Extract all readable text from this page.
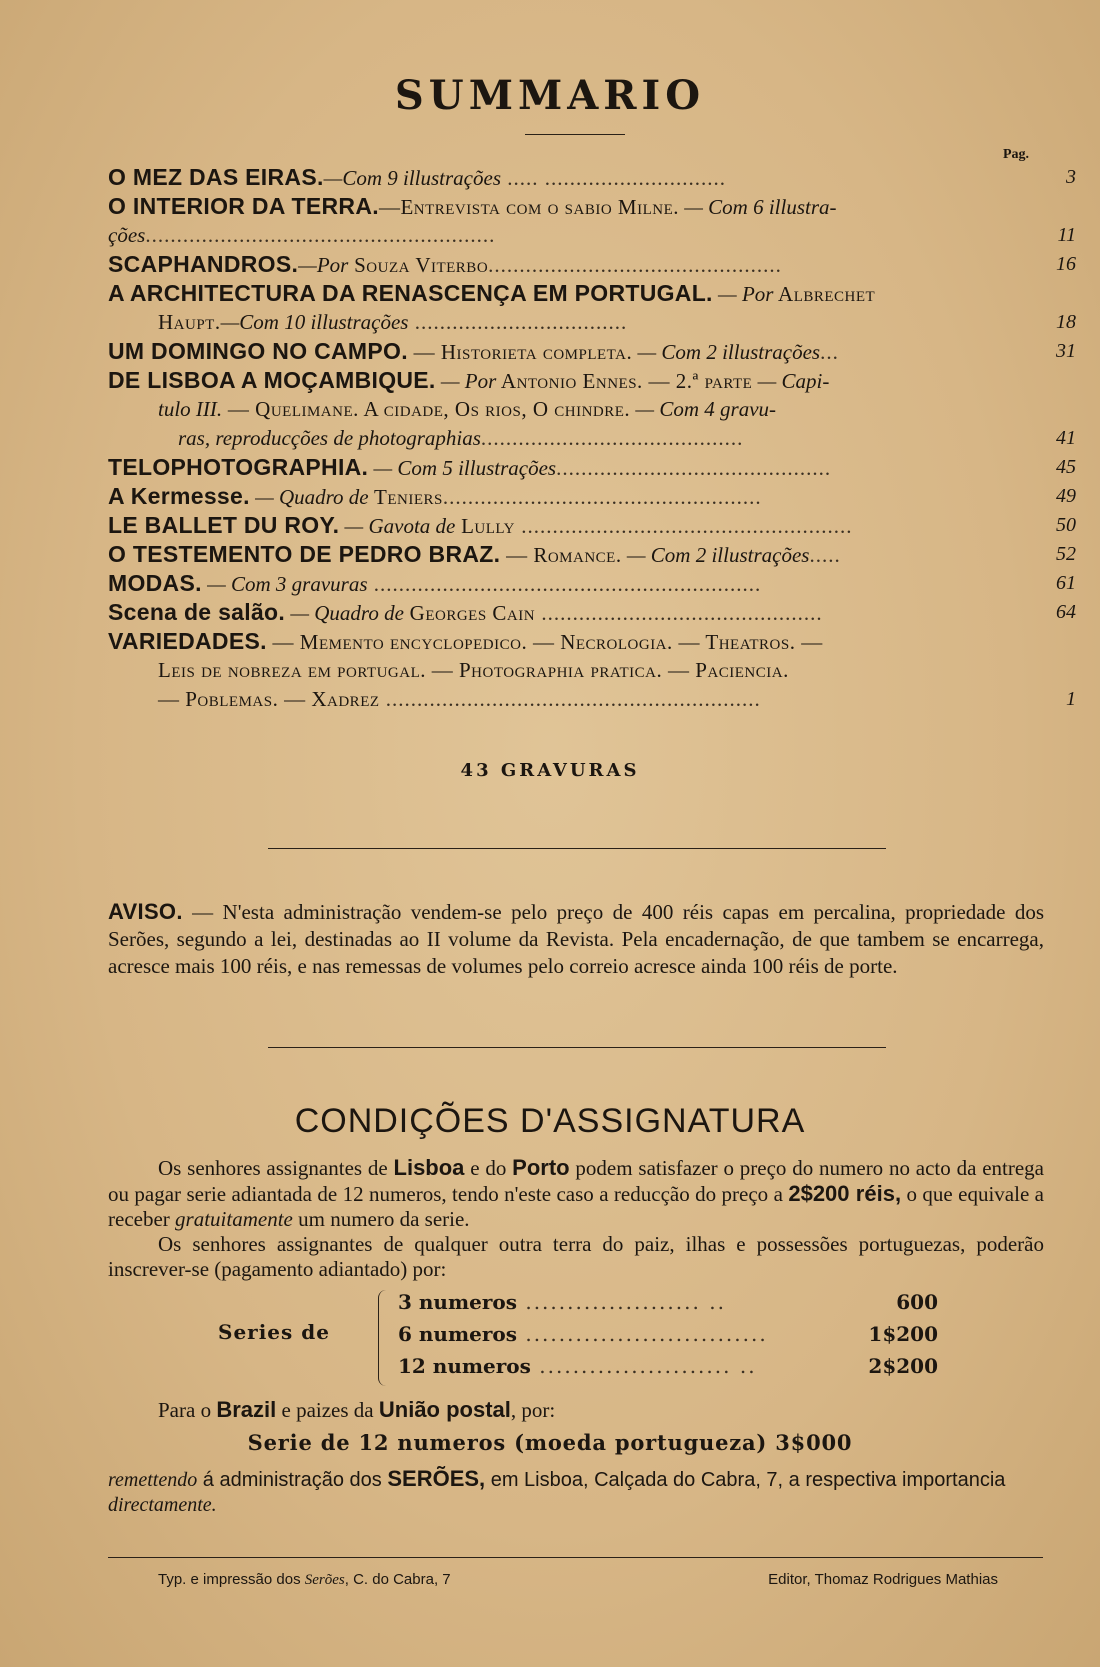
SUMMARIO
Pag.
O MEZ DAS EIRAS.—Com 9 illustrações ..... .............................	3
O INTERIOR DA TERRA.—Entrevista com o sabio Milne. — Com 6 illustra-
ções........................................................	11
SCAPHANDROS.—Por Souza Viterbo...............................................	16
A ARCHITECTURA DA RENASCENÇA EM PORTUGAL. — Por Albrechet
Haupt.—Com 10 illustrações ..................................	18
UM DOMINGO NO CAMPO. — Historieta completa. — Com 2 illustrações...	31
DE LISBOA A MOÇAMBIQUE. — Por Antonio Ennes. — 2.ª parte — Capi-
tulo III. — Quelimane. A cidade, Os rios, O chindre. — Com 4 gravu-
ras, reproducções de photographias..........................................	41
TELOPHOTOGRAPHIA. — Com 5 illustrações............................................	45
A Kermesse. — Quadro de Teniers...................................................	49
LE BALLET DU ROY. — Gavota de Lully .....................................................	50
O TESTEMENTO DE PEDRO BRAZ. — Romance. — Com 2 illustrações.....	52
MODAS. — Com 3 gravuras ..............................................................	61
Scena de salão. — Quadro de Georges Cain .............................................	64
VARIEDADES. — Memento encyclopedico. — Necrologia. — Theatros. —
Leis de nobreza em portugal. — Photographia pratica. — Paciencia.
— Poblemas. — Xadrez ............................................................	1
43 GRAVURAS
AVISO. — N'esta administração vendem-se pelo preço de 400 réis capas em percalina, propriedade dos Serões, segundo a lei, destinadas ao II volume da Revista. Pela encadernação, de que tambem se encarrega, acresce mais 100 réis, e nas remessas de volumes pelo correio acresce ainda 100 réis de porte.
CONDIÇÕES D'ASSIGNATURA

Os senhores assignantes de Lisboa e do Porto podem satisfazer o preço do numero no acto da entrega ou pagar serie adiantada de 12 numeros, tendo n'este caso a reducção do preço a 2$200 réis, o que equivale a receber gratuitamente um numero da serie.

Os senhores assignantes de qualquer outra terra do paiz, ilhas e possessões portuguezas, poderão inscrever-se (pagamento adiantado) por:

Series de
3 numeros ..................... ..	600
6 numeros .............................	1$200
12 numeros ....................... ..	2$200
Para o Brazil e paizes da União postal, por:
Serie de 12 numeros (moeda portugueza) 3$000
remettendo á administração dos SERÕES, em Lisboa, Calçada do Cabra, 7, a respectiva importancia directamente.
Typ. e impressão dos Serões, C. do Cabra, 7	Editor, Thomaz Rodrigues Mathias
